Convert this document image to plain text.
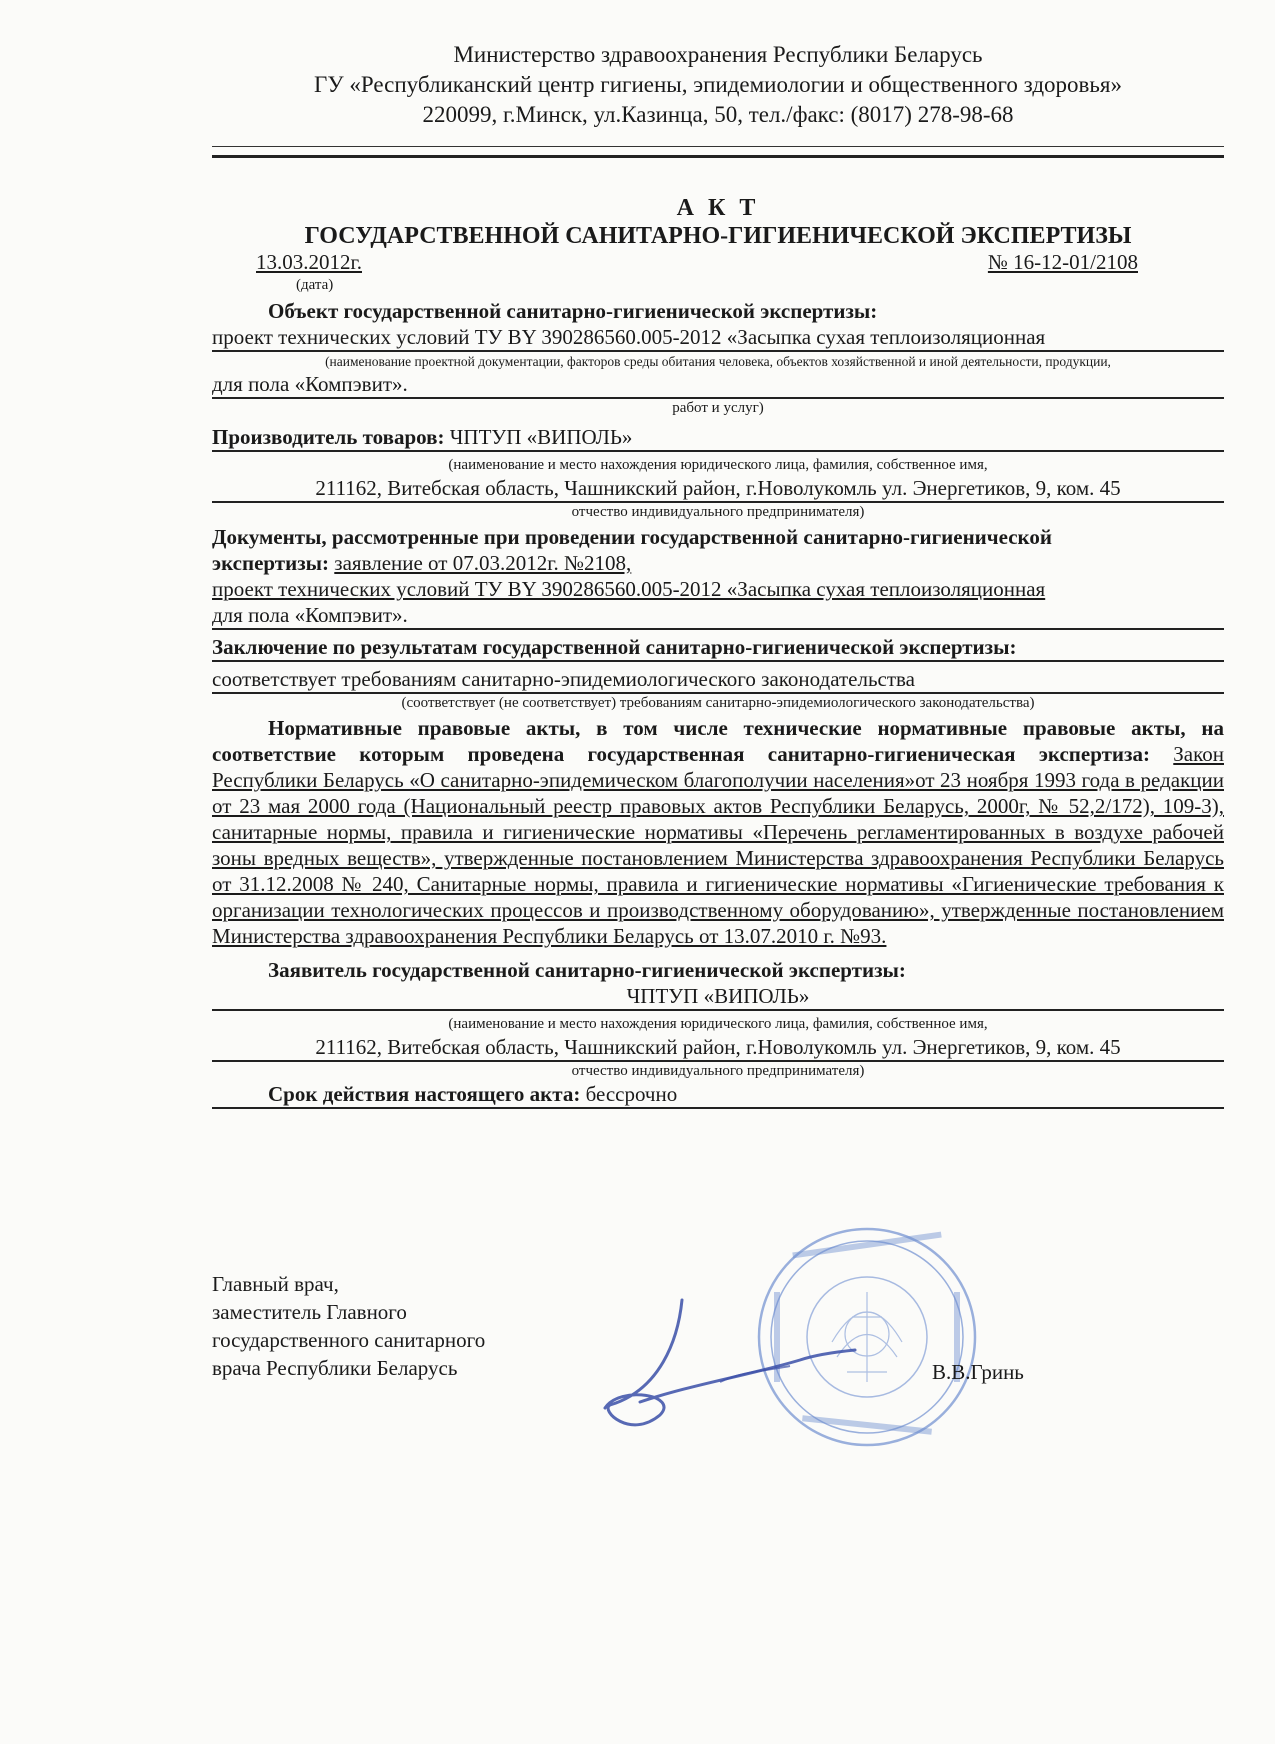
Министерство здравоохранения Республики Беларусь
ГУ «Республиканский центр гигиены, эпидемиологии и общественного здоровья»
220099, г.Минск, ул.Казинца, 50, тел./факс: (8017) 278-98-68
А К Т
ГОСУДАРСТВЕННОЙ САНИТАРНО-ГИГИЕНИЧЕСКОЙ ЭКСПЕРТИЗЫ
13.03.2012г.	№ 16-12-01/2108
(дата)
Объект государственной санитарно-гигиенической экспертизы:
проект технических условий ТУ BY 390286560.005-2012 «Засыпка сухая теплоизоляционная
(наименование проектной документации, факторов среды обитания человека, объектов хозяйственной и иной деятельности, продукции,
для пола «Компэвит».
работ и услуг)
Производитель товаров: ЧПТУП «ВИПОЛЬ»
(наименование и место нахождения юридического лица, фамилия, собственное имя,
211162, Витебская область, Чашникский район, г.Новолукомль ул. Энергетиков, 9, ком. 45
отчество индивидуального предпринимателя)
Документы, рассмотренные при проведении государственной санитарно-гигиенической
экспертизы: заявление от 07.03.2012г. №2108,
проект технических условий ТУ BY 390286560.005-2012 «Засыпка сухая теплоизоляционная
для пола «Компэвит».
Заключение по результатам государственной санитарно-гигиенической экспертизы:
соответствует требованиям санитарно-эпидемиологического законодательства
(соответствует (не соответствует) требованиям санитарно-эпидемиологического законодательства)
Нормативные правовые акты, в том числе технические нормативные правовые акты, на соответствие которым проведена государственная санитарно-гигиеническая экспертиза: Закон Республики Беларусь «О санитарно-эпидемическом благополучии населения»от 23 ноября 1993 года в редакции от 23 мая 2000 года (Национальный реестр правовых актов Республики Беларусь, 2000г, № 52,2/172), 109-3), санитарные нормы, правила и гигиенические нормативы «Перечень регламентированных в воздухе рабочей зоны вредных веществ», утвержденные постановлением Министерства здравоохранения Республики Беларусь от 31.12.2008 № 240, Санитарные нормы, правила и гигиенические нормативы «Гигиенические требования к организации технологических процессов и производственному оборудованию», утвержденные постановлением Министерства здравоохранения Республики Беларусь от 13.07.2010 г. №93.
Заявитель государственной санитарно-гигиенической экспертизы:
ЧПТУП «ВИПОЛЬ»
(наименование и место нахождения юридического лица, фамилия, собственное имя,
211162, Витебская область, Чашникский район, г.Новолукомль ул. Энергетиков, 9, ком. 45
отчество индивидуального предпринимателя)
Срок действия настоящего акта: бессрочно
Главный врач,
заместитель Главного
государственного санитарного
врача Республики Беларусь	В.В.Гринь
